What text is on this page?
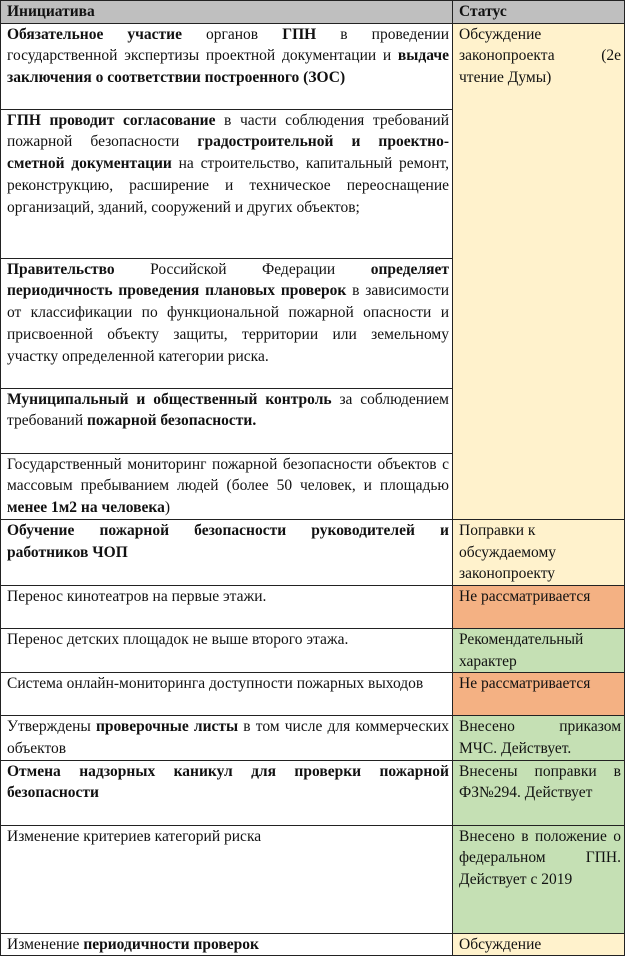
Инициатива	Статус
Обязательное участие органов ГПН в проведении государственной экспертизы проектной документации и выдаче заключения о соответствии построенного (ЗОС)	Обсуждение законопроекта (2е чтение Думы)
ГПН проводит согласование в части соблюдения требований пожарной безопасности градостроительной и проектно-сметной документации на строительство, капитальный ремонт, реконструкцию, расширение и техническое переоснащение организаций, зданий, сооружений и других объектов;	
Правительство Российской Федерации определяет периодичность проведения плановых проверок в зависимости от классификации по функциональной пожарной опасности и присвоенной объекту защиты, территории или земельному участку определенной категории риска.	
Муниципальный и общественный контроль за соблюдением требований пожарной безопасности.	
Государственный мониторинг пожарной безопасности объектов с массовым пребыванием людей (более 50 человек, и площадью менее 1м2 на человека)	
Обучение пожарной безопасности руководителей и работников ЧОП	Поправки к обсуждаемому законопроекту
Перенос кинотеатров на первые этажи.	Не рассматривается
Перенос детских площадок не выше второго этажа.	Рекомендательный характер
Система онлайн-мониторинга доступности пожарных выходов	Не рассматривается
Утверждены проверочные листы в том числе для коммерческих объектов	Внесено приказом МЧС. Действует.
Отмена надзорных каникул для проверки пожарной безопасности	Внесены поправки в ФЗ№294. Действует
Изменение критериев категорий риска	Внесено в положение о федеральном ГПН. Действует с 2019
Изменение периодичности проверок	Обсуждение
